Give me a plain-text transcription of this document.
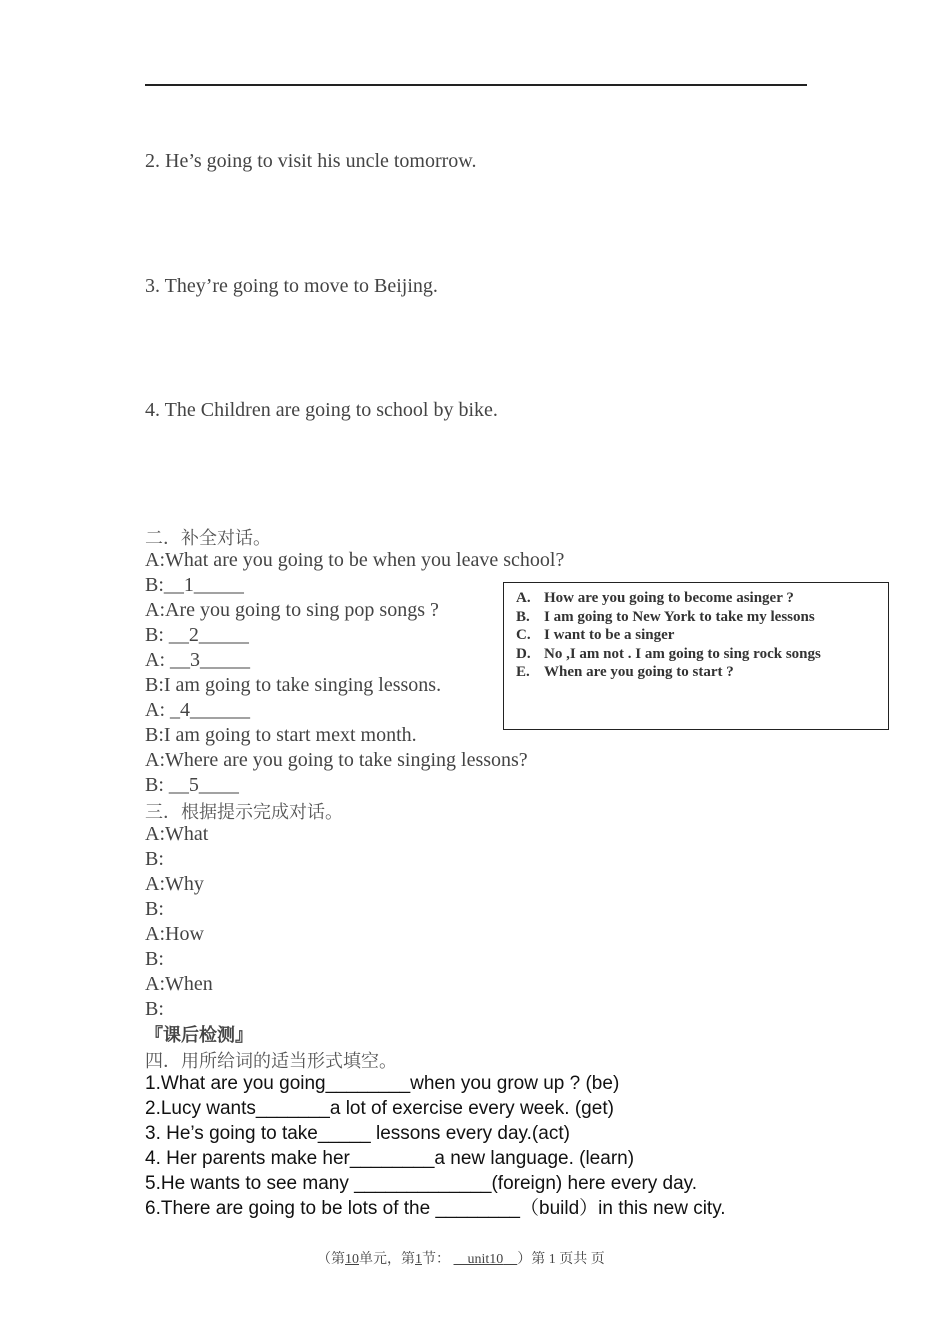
2. He’s going to visit his uncle tomorrow.
3. They’re going to move to Beijing.
4. The Children are going to school by bike.
二．补全对话。
A:What are you going to be when you leave school?
B:__1_____
A:Are you going to sing pop songs ?
B: __2_____
A: __3_____
B:I am going to take singing lessons.
A: _4______
B:I am going to start mext month.
A:Where are you going to take singing lessons?
B: __5____
A. How are you going to become asinger ?
B. I am going to New York to take my lessons
C. I want to be a singer
D. No ,I am not . I am going to sing rock songs
E. When are you going to start ?
三．根据提示完成对话。
A:What
B:
A:Why
B:
A:How
B:
A:When
B:
『课后检测』
四．用所给词的适当形式填空。
1.What are you going________when you grow up ? (be)
2.Lucy wants_______a lot of exercise every week. (get)
3. He’s going to take_____ lessons every day.(act)
4. Her parents make her________a new language. (learn)
5.He wants to see many _____________(foreign) here every day.
6.There are going to be lots of the ________（build）in this new city.
（第10单元，第1节： unit10 ）第 1 页共 页
